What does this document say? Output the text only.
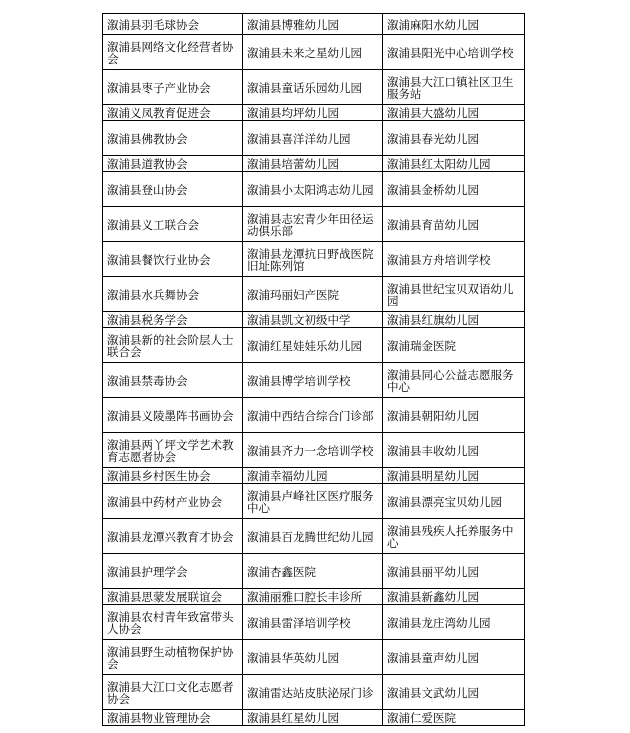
溆浦县羽毛球协会	溆浦县博雅幼儿园	溆浦麻阳水幼儿园
溆浦县网络文化经营者协会	溆浦县未来之星幼儿园	溆浦县阳光中心培训学校
溆浦县枣子产业协会	溆浦县童话乐园幼儿园	溆浦县大江口镇社区卫生服务站
溆浦义凤教育促进会	溆浦县均坪幼儿园	溆浦县大盛幼儿园
溆浦县佛教协会	溆浦县喜洋洋幼儿园	溆浦县春光幼儿园
溆浦县道教协会	溆浦县培蕾幼儿园	溆浦县红太阳幼儿园
溆浦县登山协会	溆浦县小太阳鸿志幼儿园	溆浦县金桥幼儿园
溆浦县义工联合会	溆浦县志宏青少年田径运动俱乐部	溆浦县育苗幼儿园
溆浦县餐饮行业协会	溆浦县龙潭抗日野战医院旧址陈列馆	溆浦县方舟培训学校
溆浦县水兵舞协会	溆浦玛丽妇产医院	溆浦县世纪宝贝双语幼儿园
溆浦县税务学会	溆浦县凯文初级中学	溆浦县红旗幼儿园
溆浦县新的社会阶层人士联合会	溆浦红星娃娃乐幼儿园	溆浦瑞金医院
溆浦县禁毒协会	溆浦县博学培训学校	溆浦县同心公益志愿服务中心
溆浦县义陵墨阵书画协会	溆浦中西结合综合门诊部	溆浦县朝阳幼儿园
溆浦县两丫坪文学艺术教育志愿者协会	溆浦县齐力一念培训学校	溆浦县丰收幼儿园
溆浦县乡村医生协会	溆浦幸福幼儿园	溆浦县明星幼儿园
溆浦县中药材产业协会	溆浦县卢峰社区医疗服务中心	溆浦县漂亮宝贝幼儿园
溆浦县龙潭兴教育才协会	溆浦县百龙腾世纪幼儿园	溆浦县残疾人托养服务中心
溆浦县护理学会	溆浦杏鑫医院	溆浦县丽平幼儿园
溆浦县思蒙发展联谊会	溆浦丽雅口腔长丰诊所	溆浦县新鑫幼儿园
溆浦县农村青年致富带头人协会	溆浦县雷泽培训学校	溆浦县龙庄湾幼儿园
溆浦县野生动植物保护协会	溆浦县华英幼儿园	溆浦县童声幼儿园
溆浦县大江口文化志愿者协会	溆浦雷达站皮肤泌尿门诊	溆浦县文武幼儿园
溆浦县物业管理协会	溆浦县红星幼儿园	溆浦仁爱医院
